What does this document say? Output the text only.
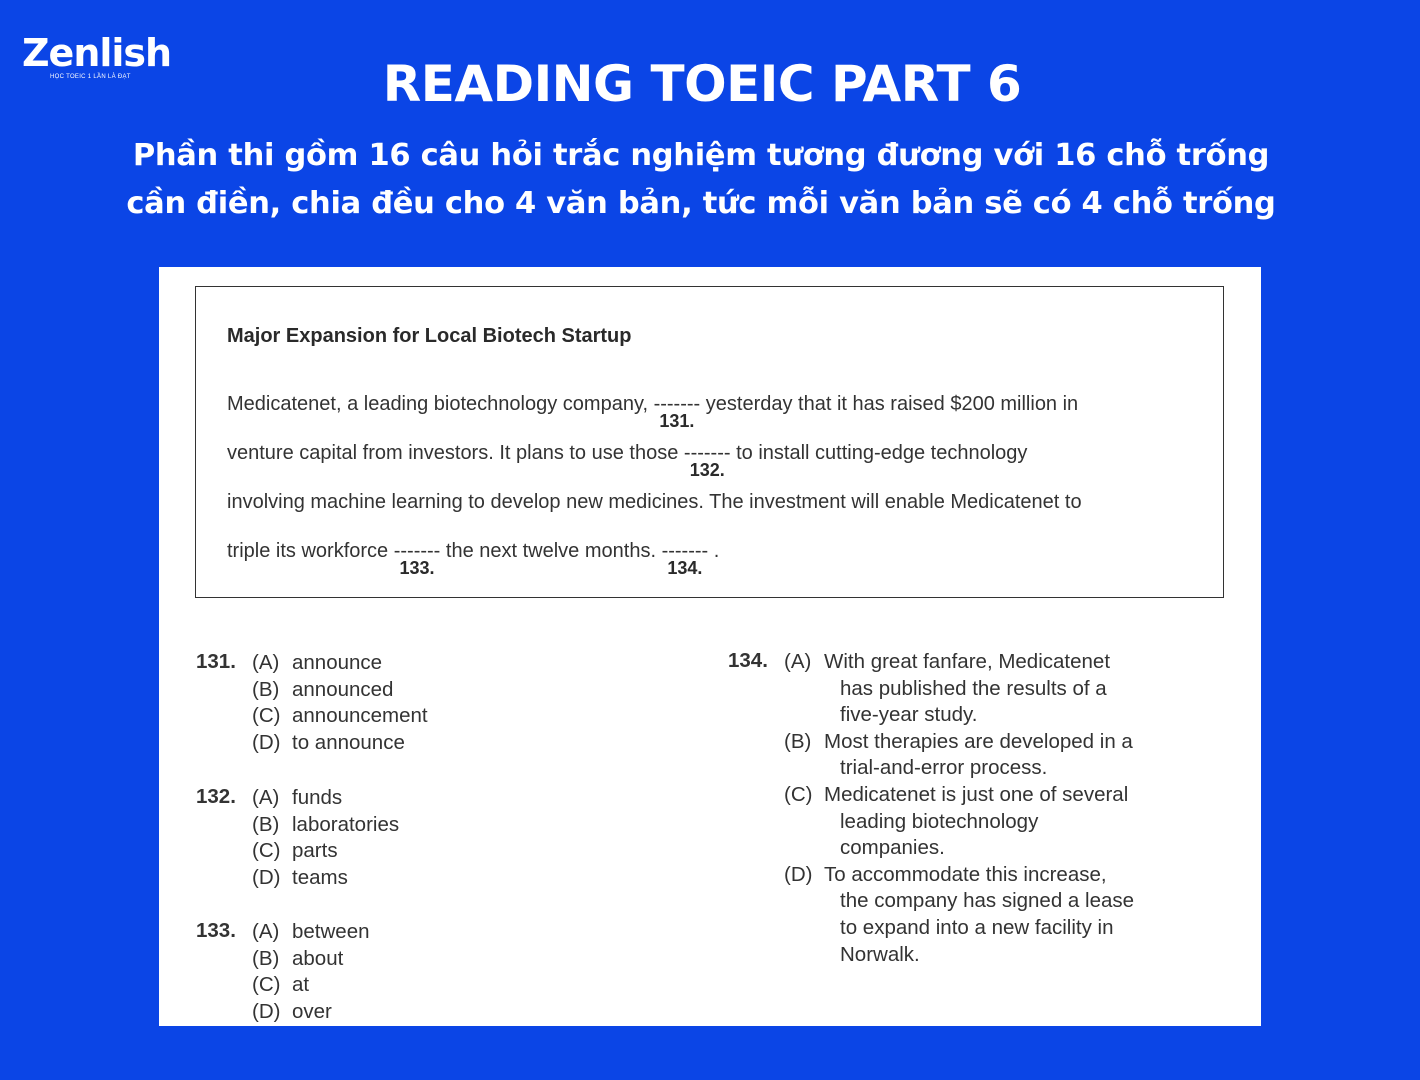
Zenlish
HỌC TOEIC 1 LẦN LÀ ĐẠT	READING TOEIC PART 6
Phần thi gồm 16 câu hỏi trắc nghiệm tương đương với 16 chỗ trống
cần điền, chia đều cho 4 văn bản, tức mỗi văn bản sẽ có 4 chỗ trống
Major Expansion for Local Biotech Startup
Medicatenet, a leading biotechnology company, -------
131.
yesterday that it has raised $200 million in
venture capital from investors. It plans to use those -------
132.
to install cutting-edge technology
involving machine learning to develop new medicines. The investment will enable Medicatenet to
triple its workforce -------
133.
the next twelve months. -------
134.
.
131. (A) announce
(B) announced
(C) announcement
(D) to announce
132. (A) funds
(B) laboratories
(C) parts
(D) teams
133. (A) between
(B) about
(C) at
(D) over
134. (A) With great fanfare, Medicatenet
has published the results of a
five-year study.
(B) Most therapies are developed in a
trial-and-error process.
(C) Medicatenet is just one of several
leading biotechnology
companies.
(D) To accommodate this increase,
the company has signed a lease
to expand into a new facility in
Norwalk.
